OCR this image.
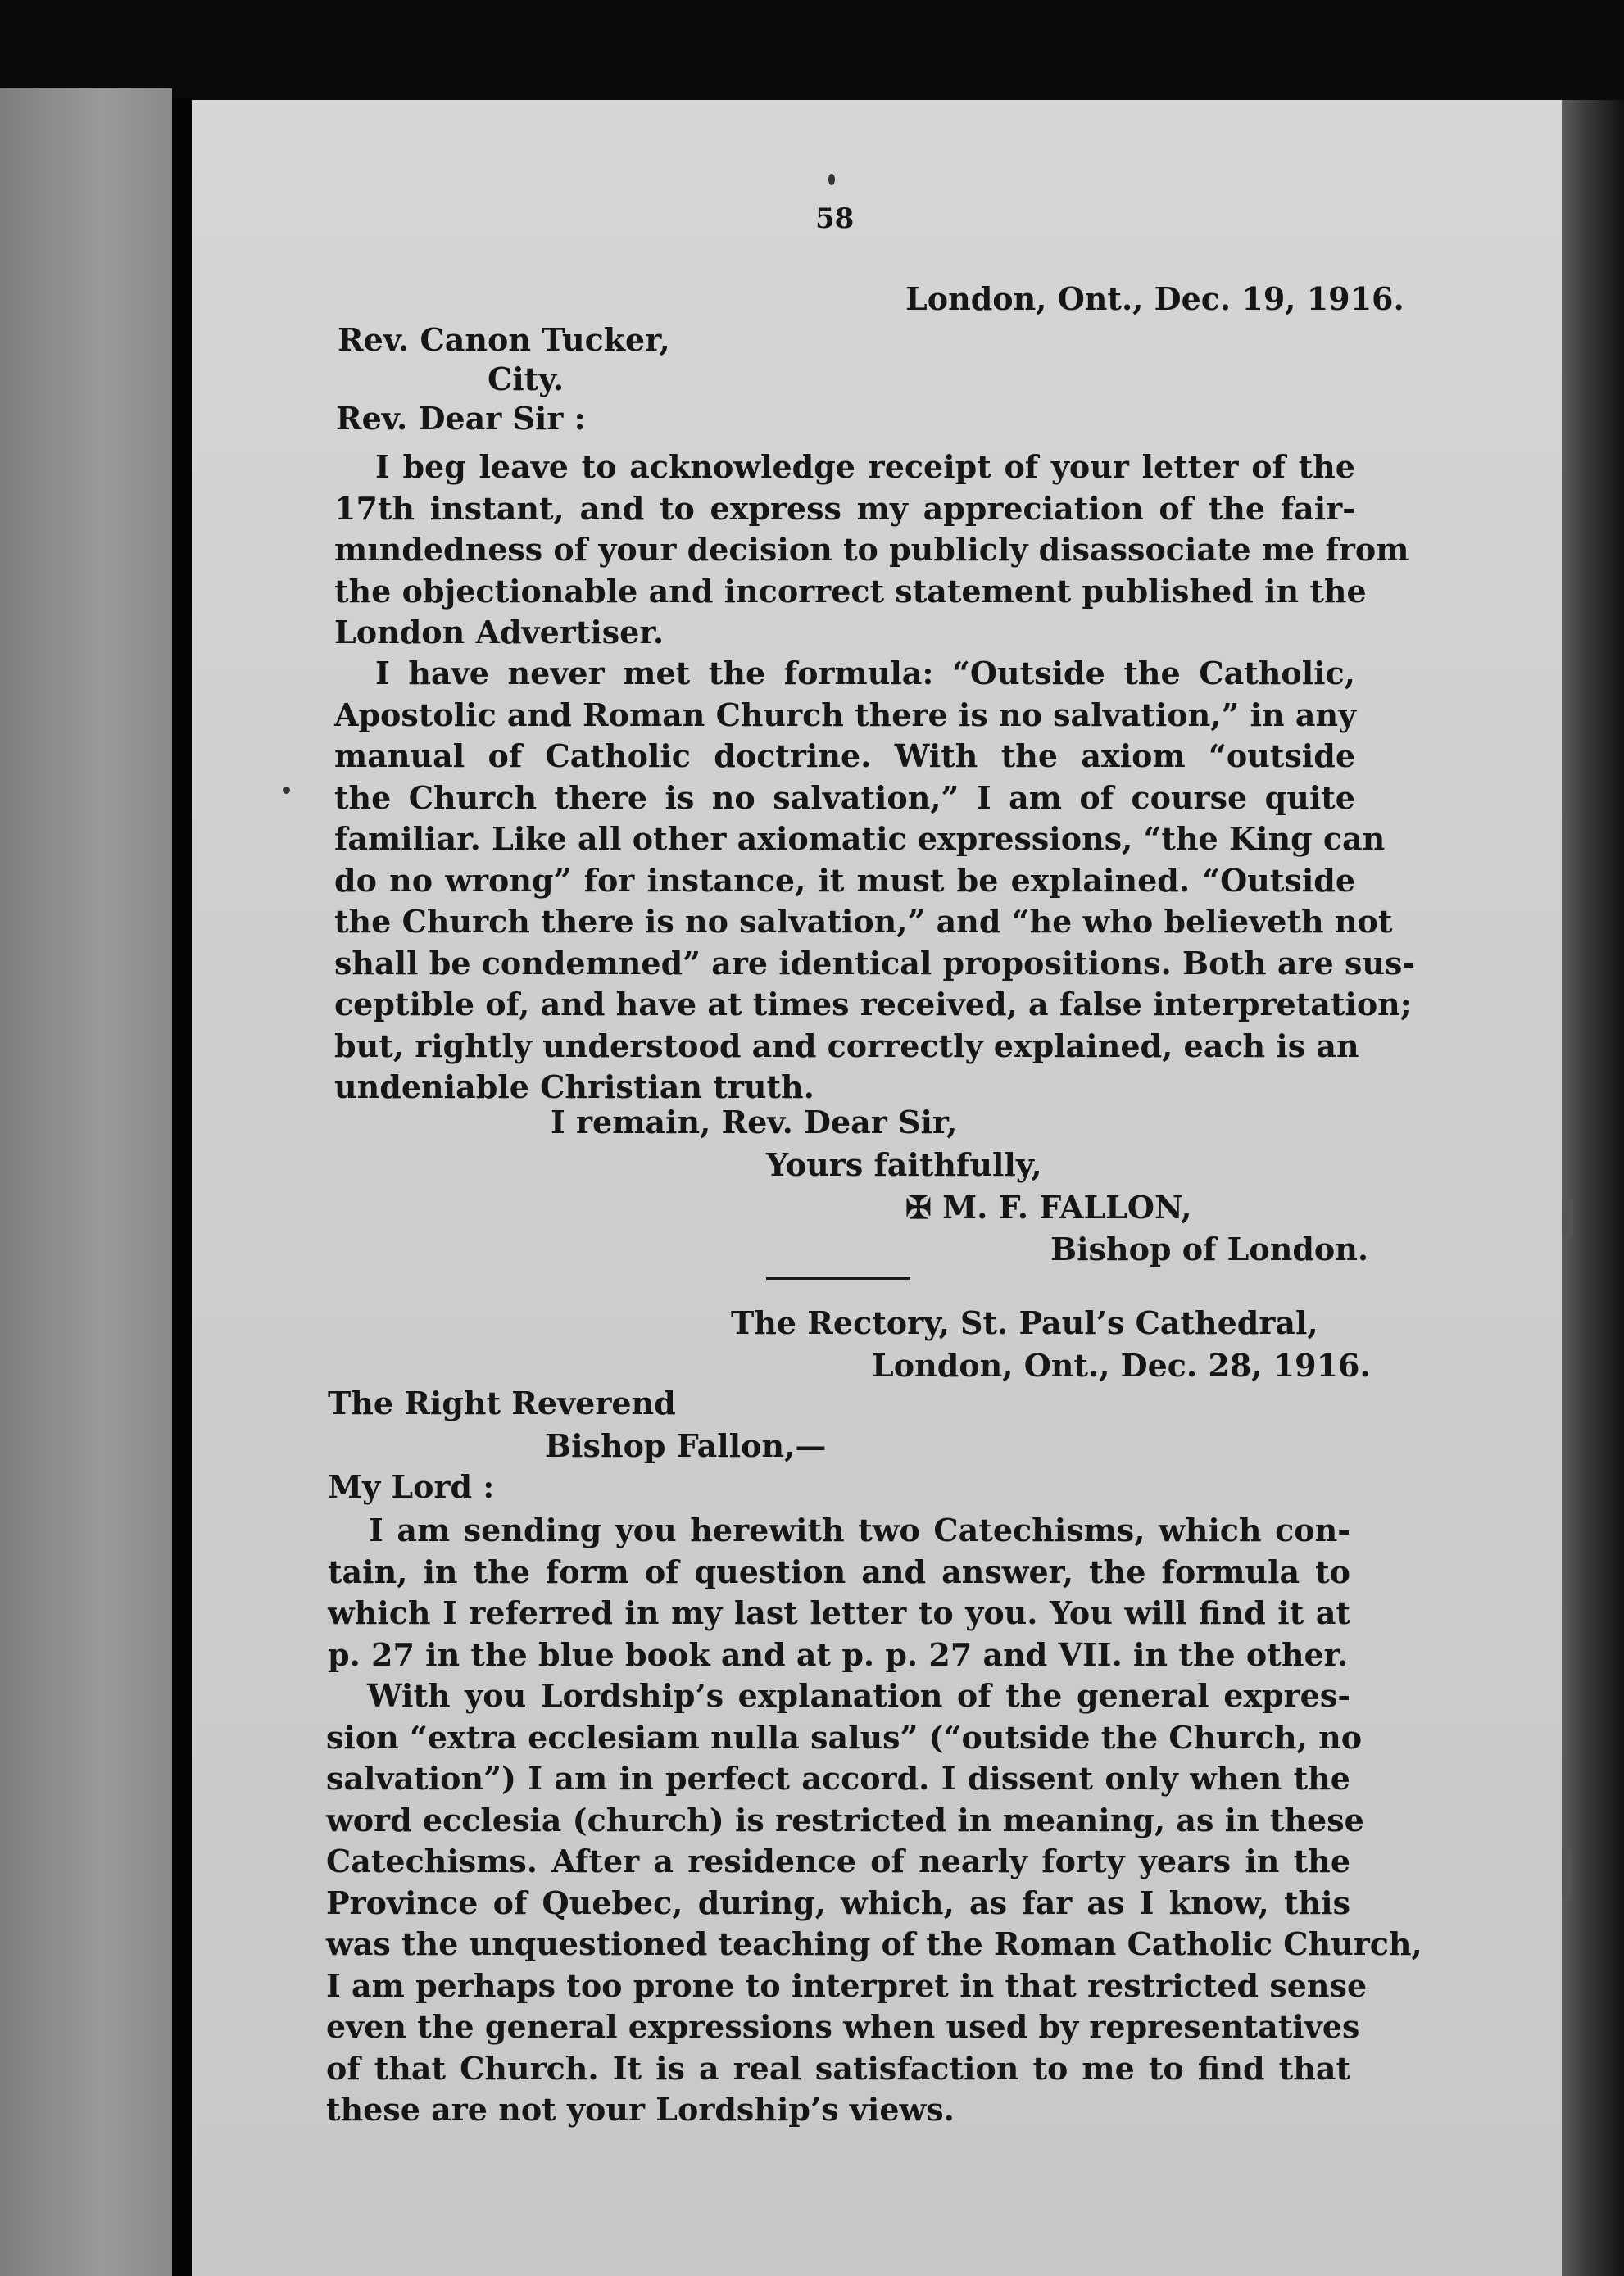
58

London, Ont., Dec. 19, 1916.

Rev. Canon Tucker,

City.

Rev. Dear Sir :

I beg leave to acknowledge receipt of your letter of the
17th instant, and to express my appreciation of the fair-
mındedness of your decision to publicly disassociate me from
the objectionable and incorrect statement published in the
London Advertiser.
I have never met the formula: “Outside the Catholic,
Apostolic and Roman Church there is no salvation,” in any
manual of Catholic doctrine. With the axiom “outside
the Church there is no salvation,” I am of course quite
familiar. Like all other axiomatic expressions, “the King can
do no wrong” for instance, it must be explained. “Outside
the Church there is no salvation,” and “he who believeth not
shall be condemned” are identical propositions. Both are sus-
ceptible of, and have at times received, a false interpretation;
but, rightly understood and correctly explained, each is an
undeniable Christian truth.

I remain, Rev. Dear Sir,

Yours faithfully,

✠ M. F. FALLON,

Bishop of London.

The Rectory, St. Paul’s Cathedral,

London, Ont., Dec. 28, 1916.

The Right Reverend

Bishop Fallon,—

My Lord :

I am sending you herewith two Catechisms, which con-
tain, in the form of question and answer, the formula to
which I referred in my last letter to you. You will find it at
p. 27 in the blue book and at p. p. 27 and VII. in the other.
With you Lordship’s explanation of the general expres-
sion “extra ecclesiam nulla salus” (“outside the Church, no
salvation”) I am in perfect accord. I dissent only when the
word ecclesia (church) is restricted in meaning, as in these
Catechisms. After a residence of nearly forty years in the
Province of Quebec, during, which, as far as I know, this
was the unquestioned teaching of the Roman Catholic Church,
I am perhaps too prone to interpret in that restricted sense
even the general expressions when used by representatives
of that Church. It is a real satisfaction to me to find that
these are not your Lordship’s views.
